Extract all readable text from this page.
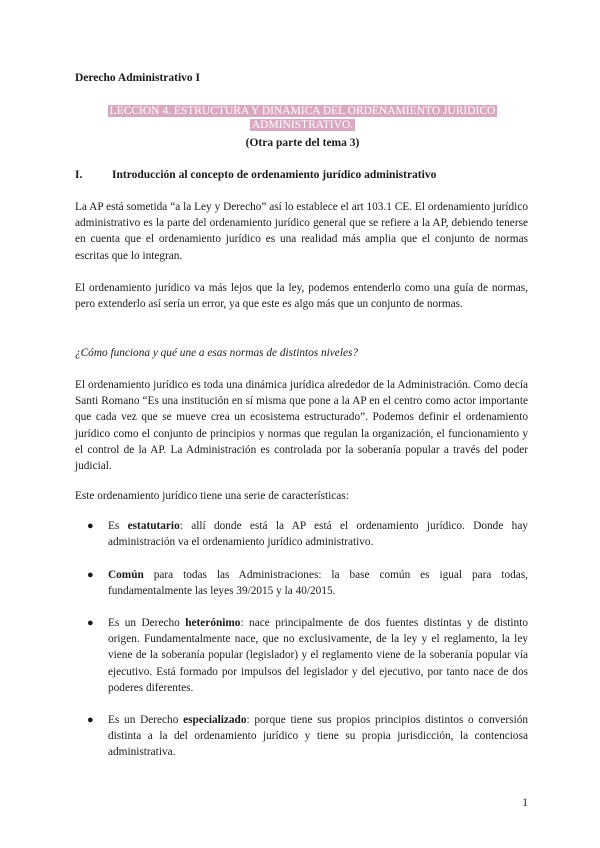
Derecho Administrativo I
LECCIÓN 4. ESTRUCTURA Y DINÁMICA DEL ORDENAMIENTO JURÍDICO ADMINISTRATIVO.
(Otra parte del tema 3)
I.	Introducción al concepto de ordenamiento jurídico administrativo

La AP está sometida “a la Ley y Derecho” así lo establece el art 103.1 CE. El ordenamiento jurídico administrativo es la parte del ordenamiento jurídico general que se refiere a la AP, debiendo tenerse en cuenta que el ordenamiento jurídico es una realidad más amplia que el conjunto de normas escritas que lo integran.

El ordenamiento jurídico va más lejos que la ley, podemos entenderlo como una guía de normas, pero extenderlo así sería un error, ya que este es algo más que un conjunto de normas.

¿Cómo funciona y qué une a esas normas de distintos niveles?

El ordenamiento jurídico es toda una dinámica jurídica alrededor de la Administración. Como decía Santi Romano “Es una institución en sí misma que pone a la AP en el centro como actor importante que cada vez que se mueve crea un ecosistema estructurado”. Podemos definir el ordenamiento jurídico como el conjunto de principios y normas que regulan la organización, el funcionamiento y el control de la AP. La Administración es controlada por la soberanía popular a través del poder judicial.

Este ordenamiento jurídico tiene una serie de características:

● Es estatutario: allí donde está la AP está el ordenamiento jurídico. Donde hay administración va el ordenamiento jurídico administrativo.
● Común para todas las Administraciones: la base común es igual para todas, fundamentalmente las leyes 39/2015 y la 40/2015.
● Es un Derecho heterónimo: nace principalmente de dos fuentes distintas y de distinto origen. Fundamentalmente nace, que no exclusivamente, de la ley y el reglamento, la ley viene de la soberanía popular (legislador) y el reglamento viene de la soberanía popular vía ejecutivo. Está formado por impulsos del legislador y del ejecutivo, por tanto nace de dos poderes diferentes.
● Es un Derecho especializado: porque tiene sus propios principios distintos o conversión distinta a la del ordenamiento jurídico y tiene su propia jurisdicción, la contenciosa administrativa.
1
